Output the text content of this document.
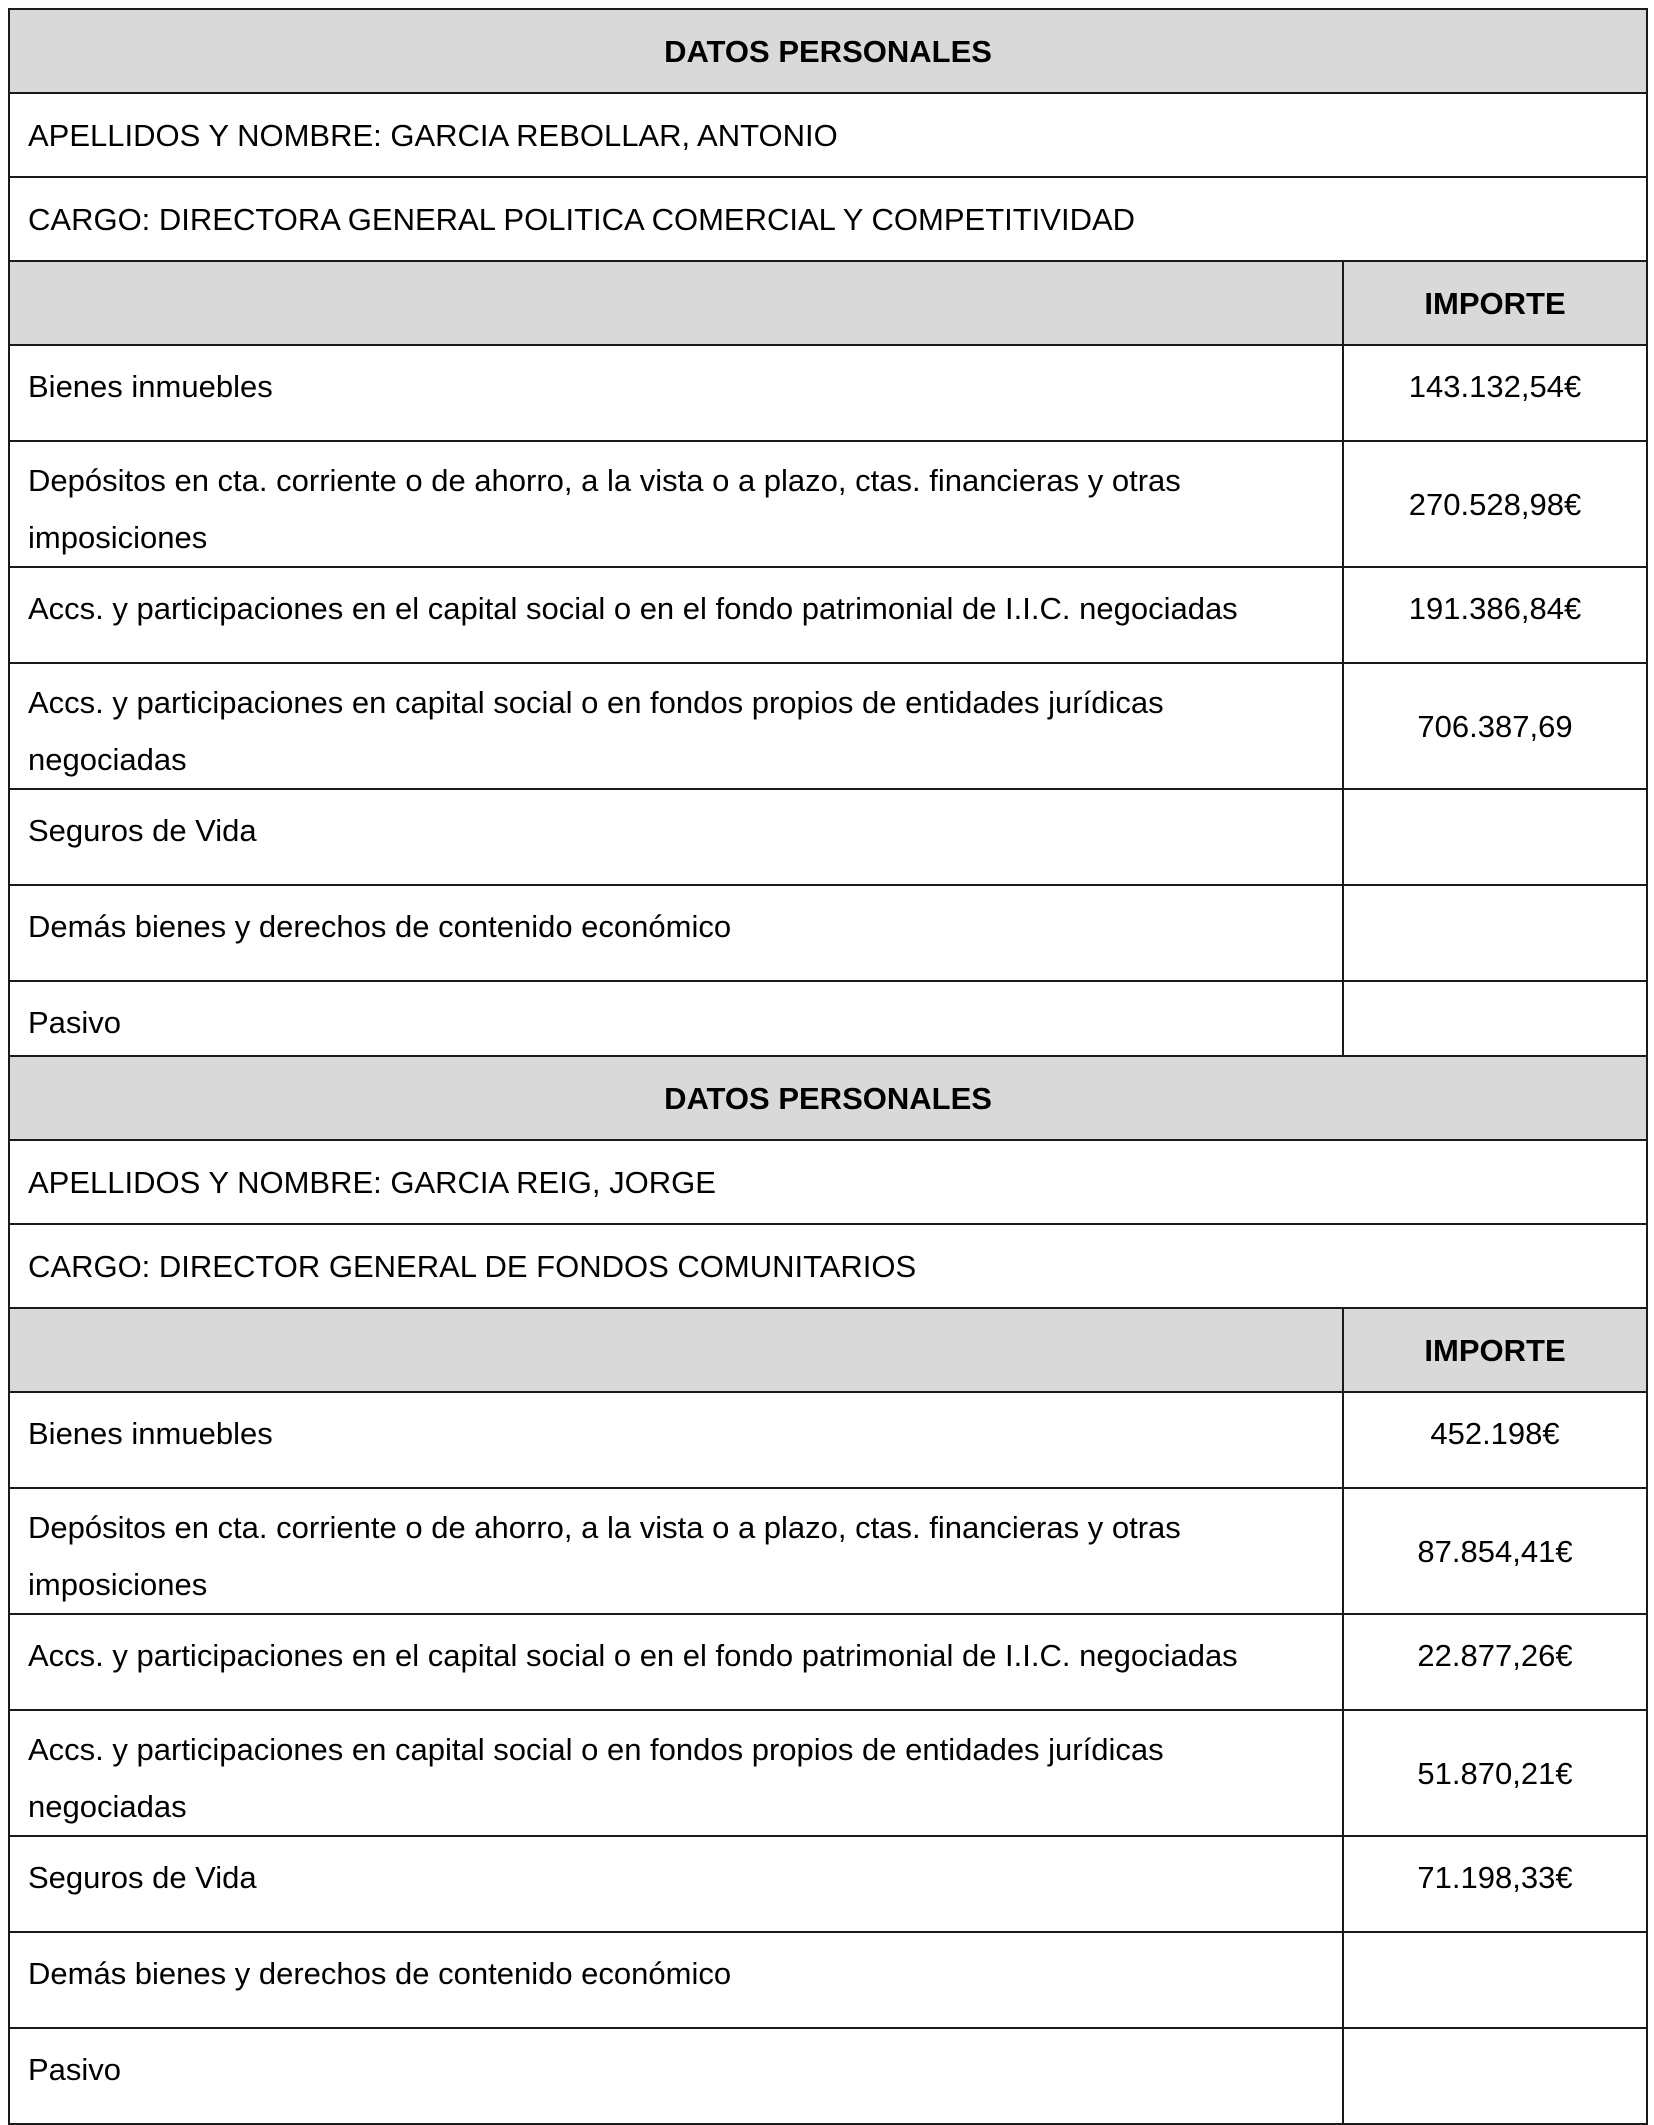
DATOS PERSONALES	
APELLIDOS Y NOMBRE: GARCIA REBOLLAR, ANTONIO	
CARGO: DIRECTORA GENERAL POLITICA COMERCIAL Y COMPETITIVIDAD	
	IMPORTE
Bienes inmuebles	143.132,54€
Depósitos en cta. corriente o de ahorro, a la vista o a plazo, ctas. financieras y otras imposiciones	270.528,98€
Accs. y participaciones en el capital social o en el fondo patrimonial de I.I.C. negociadas	191.386,84€
Accs. y participaciones en capital social o en fondos propios de entidades jurídicas negociadas	706.387,69
Seguros de Vida	
Demás bienes y derechos de contenido económico	
Pasivo	
DATOS PERSONALES	
APELLIDOS Y NOMBRE: GARCIA REIG, JORGE	
CARGO: DIRECTOR GENERAL DE FONDOS COMUNITARIOS	
	IMPORTE
Bienes inmuebles	452.198€
Depósitos en cta. corriente o de ahorro, a la vista o a plazo, ctas. financieras y otras imposiciones	87.854,41€
Accs. y participaciones en el capital social o en el fondo patrimonial de I.I.C. negociadas	22.877,26€
Accs. y participaciones en capital social o en fondos propios de entidades jurídicas negociadas	51.870,21€
Seguros de Vida	71.198,33€
Demás bienes y derechos de contenido económico	
Pasivo	
